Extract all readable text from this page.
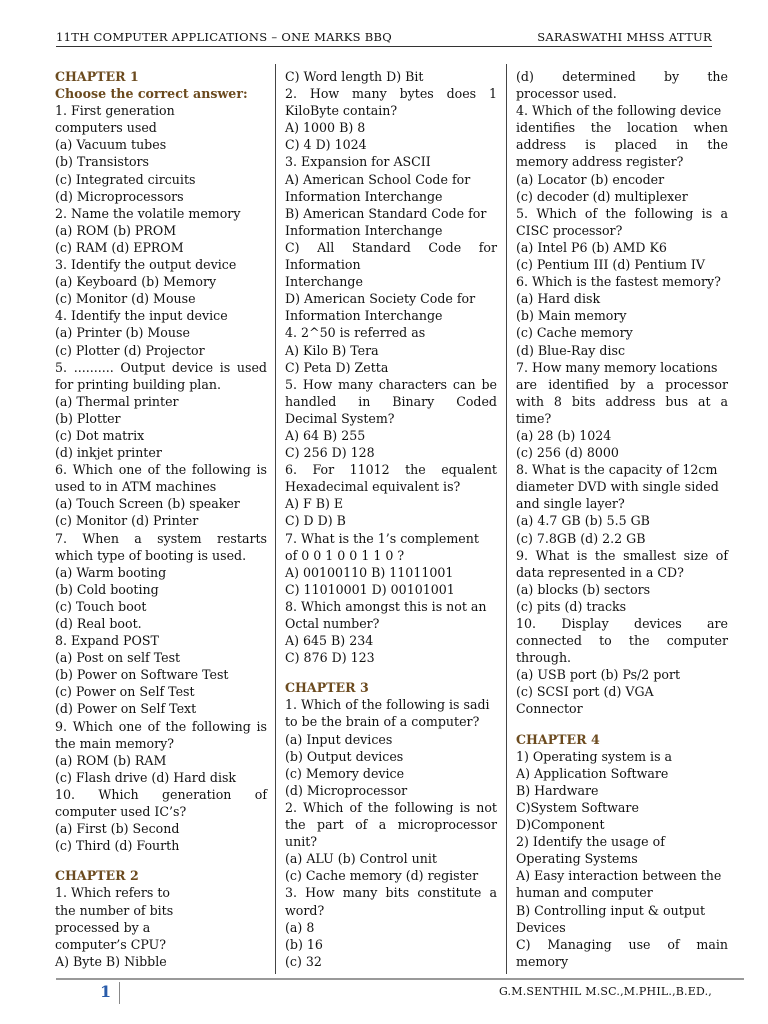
11TH COMPUTER APPLICATIONS – ONE MARKS BBQ	SARASWATHI MHSS ATTUR

CHAPTER 1

Choose the correct answer:

1. First generation

computers used

(a) Vacuum tubes

(b) Transistors

(c) Integrated circuits

(d) Microprocessors

2. Name the volatile memory

(a) ROM (b) PROM

(c) RAM (d) EPROM

3. Identify the output device

(a) Keyboard (b) Memory

(c) Monitor (d) Mouse

4. Identify the input device

(a) Printer (b) Mouse

(c) Plotter (d) Projector

5. .......... Output device is used

for printing building plan.

(a) Thermal printer

(b) Plotter

(c) Dot matrix

(d) inkjet printer

6. Which one of the following is

used to in ATM machines

(a) Touch Screen (b) speaker

(c) Monitor (d) Printer

7. When a system restarts

which type of booting is used.

(a) Warm booting

(b) Cold booting

(c) Touch boot

(d) Real boot.

8. Expand POST

(a) Post on self Test

(b) Power on Software Test

(c) Power on Self Test

(d) Power on Self Text

9. Which one of the following is

the main memory?

(a) ROM (b) RAM

(c) Flash drive (d) Hard disk

10. Which generation of

computer used IC’s?

(a) First (b) Second

(c) Third (d) Fourth

CHAPTER 2

1. Which refers to

the number of bits

processed by a

computer’s CPU?

A) Byte B) Nibble

C) Word length D) Bit

2. How many bytes does 1

KiloByte contain?

A) 1000 B) 8

C) 4 D) 1024

3. Expansion for ASCII

A) American School Code for

Information Interchange

B) American Standard Code for

Information Interchange

C) All Standard Code for

Information

Interchange

D) American Society Code for

Information Interchange

4. 2^50 is referred as

A) Kilo B) Tera

C) Peta D) Zetta

5. How many characters can be

handled in Binary Coded

Decimal System?

A) 64 B) 255

C) 256 D) 128

6. For 11012 the equalent

Hexadecimal equivalent is?

A) F B) E

C) D D) B

7. What is the 1’s complement

of 0 0 1 0 0 1 1 0 ?

A) 00100110 B) 11011001

C) 11010001 D) 00101001

8. Which amongst this is not an

Octal number?

A) 645 B) 234

C) 876 D) 123

CHAPTER 3

1. Which of the following is sadi

to be the brain of a computer?

(a) Input devices

(b) Output devices

(c) Memory device

(d) Microprocessor

2. Which of the following is not

the part of a microprocessor

unit?

(a) ALU (b) Control unit

(c) Cache memory (d) register

3. How many bits constitute a

word?

(a) 8

(b) 16

(c) 32

(d) determined by the

processor used.

4. Which of the following device

identifies the location when

address is placed in the

memory address register?

(a) Locator (b) encoder

(c) decoder (d) multiplexer

5. Which of the following is a

CISC processor?

(a) Intel P6 (b) AMD K6

(c) Pentium III (d) Pentium IV

6. Which is the fastest memory?

(a) Hard disk

(b) Main memory

(c) Cache memory

(d) Blue-Ray disc

7. How many memory locations

are identified by a processor

with 8 bits address bus at a

time?

(a) 28 (b) 1024

(c) 256 (d) 8000

8. What is the capacity of 12cm

diameter DVD with single sided

and single layer?

(a) 4.7 GB (b) 5.5 GB

(c) 7.8GB (d) 2.2 GB

9. What is the smallest size of

data represented in a CD?

(a) blocks (b) sectors

(c) pits (d) tracks

10. Display devices are

connected to the computer

through.

(a) USB port (b) Ps/2 port

(c) SCSI port (d) VGA

Connector

CHAPTER 4

1) Operating system is a

A) Application Software

B) Hardware

C)System Software

D)Component

2) Identify the usage of

Operating Systems

A) Easy interaction between the

human and computer

B) Controlling input & output

Devices

C) Managing use of main

memory

1	G.M.SENTHIL M.SC.,M.PHIL.,B.ED.,
